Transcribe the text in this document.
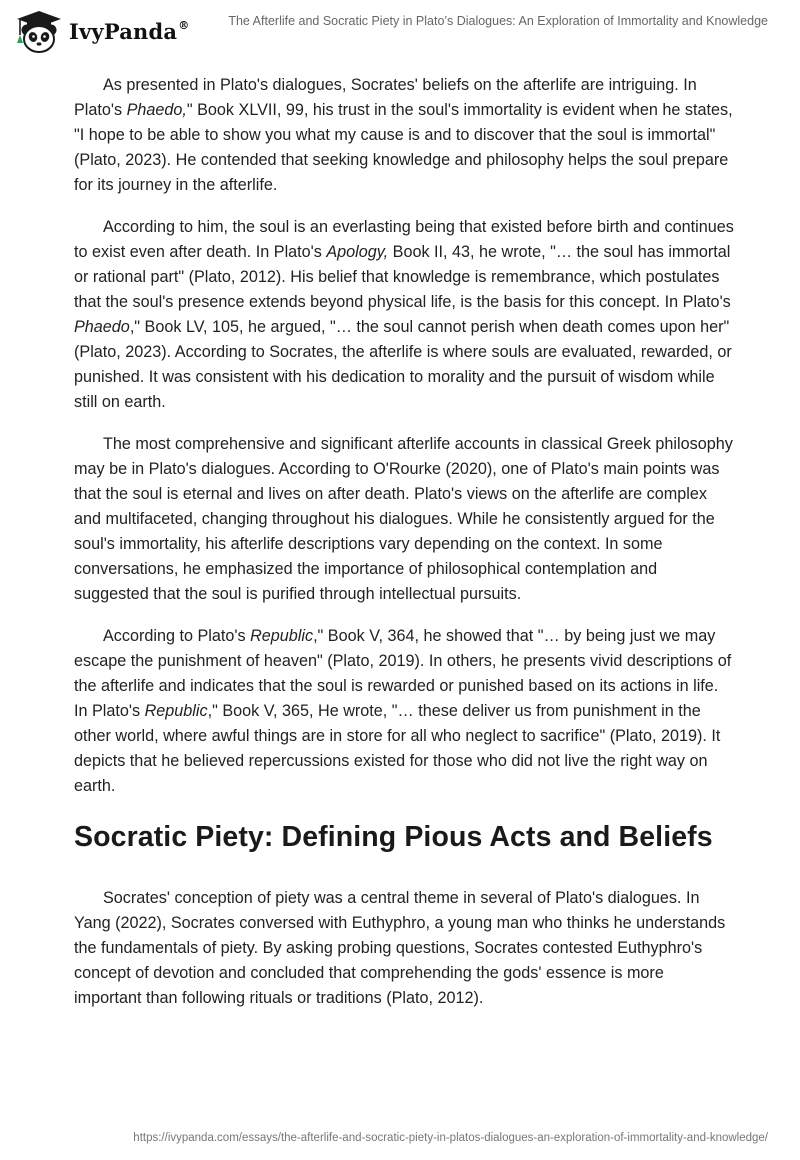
IvyPanda®	The Afterlife and Socratic Piety in Plato’s Dialogues: An Exploration of Immortality and Knowledge

As presented in Plato's dialogues, Socrates' beliefs on the afterlife are intriguing. In Plato's Phaedo," Book XLVII, 99, his trust in the soul's immortality is evident when he states, "I hope to be able to show you what my cause is and to discover that the soul is immortal" (Plato, 2023). He contended that seeking knowledge and philosophy helps the soul prepare for its journey in the afterlife.

According to him, the soul is an everlasting being that existed before birth and continues to exist even after death. In Plato's Apology, Book II, 43, he wrote, "… the soul has immortal or rational part" (Plato, 2012). His belief that knowledge is remembrance, which postulates that the soul's presence extends beyond physical life, is the basis for this concept. In Plato's Phaedo," Book LV, 105, he argued, "… the soul cannot perish when death comes upon her" (Plato, 2023). According to Socrates, the afterlife is where souls are evaluated, rewarded, or punished. It was consistent with his dedication to morality and the pursuit of wisdom while still on earth.

The most comprehensive and significant afterlife accounts in classical Greek philosophy may be in Plato's dialogues. According to O'Rourke (2020), one of Plato's main points was that the soul is eternal and lives on after death. Plato's views on the afterlife are complex and multifaceted, changing throughout his dialogues. While he consistently argued for the soul's immortality, his afterlife descriptions vary depending on the context. In some conversations, he emphasized the importance of philosophical contemplation and suggested that the soul is purified through intellectual pursuits.

According to Plato's Republic," Book V, 364, he showed that "… by being just we may escape the punishment of heaven" (Plato, 2019). In others, he presents vivid descriptions of the afterlife and indicates that the soul is rewarded or punished based on its actions in life. In Plato's Republic," Book V, 365, He wrote, "… these deliver us from punishment in the other world, where awful things are in store for all who neglect to sacrifice" (Plato, 2019). It depicts that he believed repercussions existed for those who did not live the right way on earth.

Socratic Piety: Defining Pious Acts and Beliefs

Socrates' conception of piety was a central theme in several of Plato's dialogues. In Yang (2022), Socrates conversed with Euthyphro, a young man who thinks he understands the fundamentals of piety. By asking probing questions, Socrates contested Euthyphro's concept of devotion and concluded that comprehending the gods' essence is more important than following rituals or traditions (Plato, 2012).

https://ivypanda.com/essays/the-afterlife-and-socratic-piety-in-platos-dialogues-an-exploration-of-immortality-and-knowledge/
